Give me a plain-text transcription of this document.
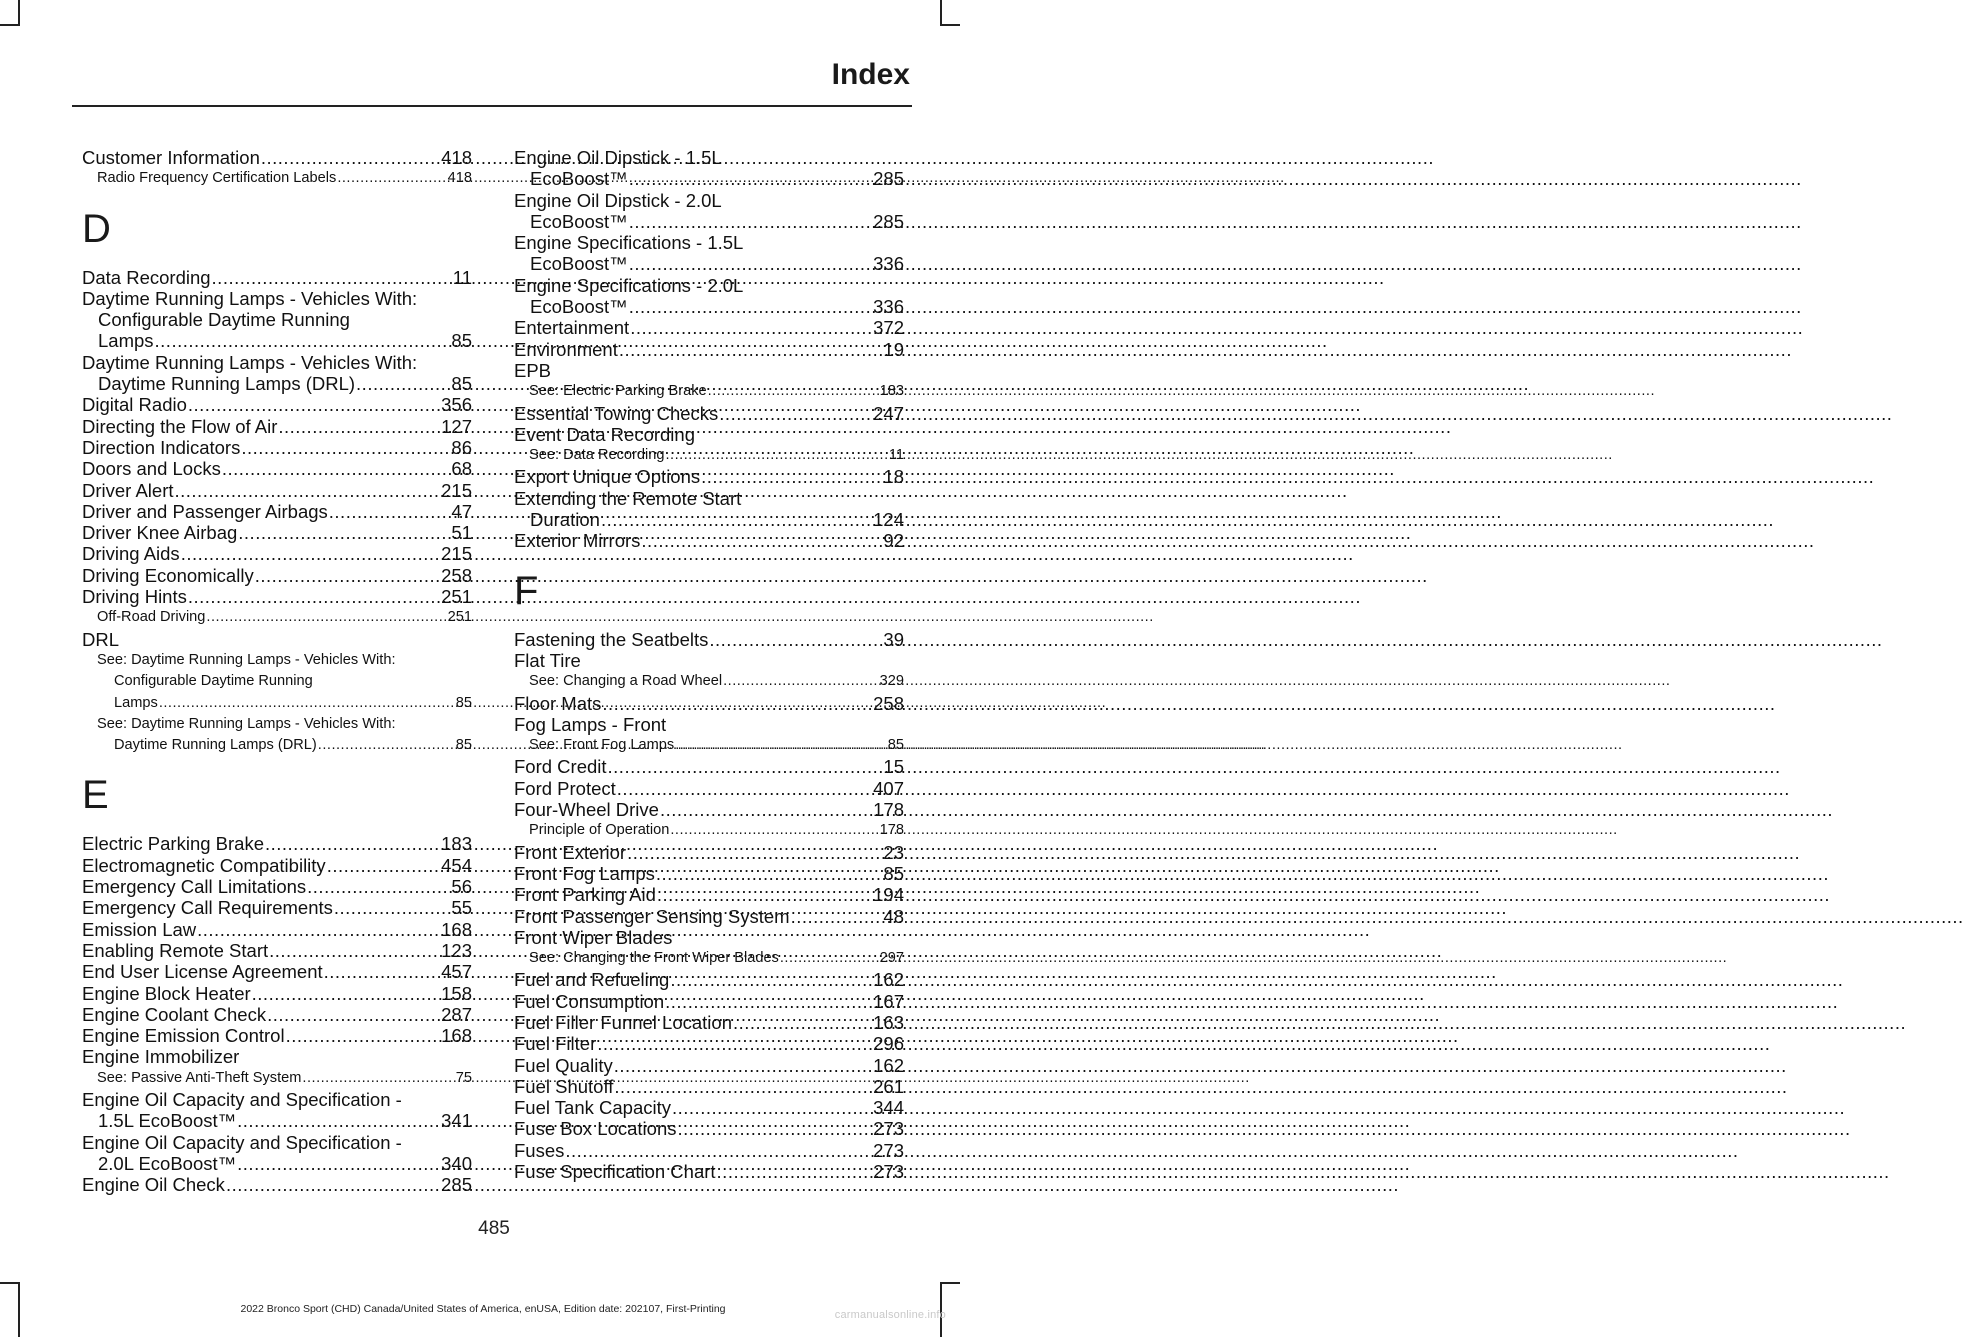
Index
Customer Information .....	418
Radio Frequency Certification Labels .....	418
D
Data Recording .....	11
Daytime Running Lamps - Vehicles With:
Configurable Daytime Running
Lamps .....	85
Daytime Running Lamps - Vehicles With:
Daytime Running Lamps (DRL) .....	85
Digital Radio .....	356
Directing the Flow of Air .....	127
Direction Indicators .....	86
Doors and Locks .....	68
Driver Alert .....	215
Driver and Passenger Airbags .....	47
Driver Knee Airbag .....	51
Driving Aids .....	215
Driving Economically .....	258
Driving Hints .....	251
Off-Road Driving .....	251
DRL
See: Daytime Running Lamps - Vehicles With:
Configurable Daytime Running
Lamps .....	85
See: Daytime Running Lamps - Vehicles With:
Daytime Running Lamps (DRL) .....	85
E
Electric Parking Brake .....	183
Electromagnetic Compatibility .....	454
Emergency Call Limitations .....	56
Emergency Call Requirements .....	55
Emission Law .....	168
Enabling Remote Start .....	123
End User License Agreement .....	457
Engine Block Heater .....	158
Engine Coolant Check .....	287
Engine Emission Control .....	168
Engine Immobilizer
See: Passive Anti-Theft System .....	75
Engine Oil Capacity and Specification -
1.5L EcoBoost™ .....	341
Engine Oil Capacity and Specification -
2.0L EcoBoost™ .....	340
Engine Oil Check .....	285
Engine Oil Dipstick - 1.5L
EcoBoost™ .....	285
Engine Oil Dipstick - 2.0L
EcoBoost™ .....	285
Engine Specifications - 1.5L
EcoBoost™ .....	336
Engine Specifications - 2.0L
EcoBoost™ .....	336
Entertainment .....	372
Environment .....	19
EPB
See: Electric Parking Brake .....	183
Essential Towing Checks .....	247
Event Data Recording
See: Data Recording .....	11
Export Unique Options .....	18
Extending the Remote Start
Duration .....	124
Exterior Mirrors .....	92
F
Fastening the Seatbelts .....	39
Flat Tire
See: Changing a Road Wheel .....	329
Floor Mats .....	258
Fog Lamps - Front
See: Front Fog Lamps .....	85
Ford Credit .....	15
Ford Protect .....	407
Four-Wheel Drive .....	178
Principle of Operation .....	178
Front Exterior .....	23
Front Fog Lamps .....	85
Front Parking Aid .....	194
Front Passenger Sensing System .....	48
Front Wiper Blades
See: Changing the Front Wiper Blades .....	297
Fuel and Refueling .....	162
Fuel Consumption .....	167
Fuel Filler Funnel Location .....	163
Fuel Filter .....	296
Fuel Quality .....	162
Fuel Shutoff .....	261
Fuel Tank Capacity .....	344
Fuse Box Locations .....	273
Fuses .....	273
Fuse Specification Chart .....	273
485
2022 Bronco Sport (CHD) Canada/United States of America, enUSA, Edition date: 202107, First-Printing	carmanualsonline.info
